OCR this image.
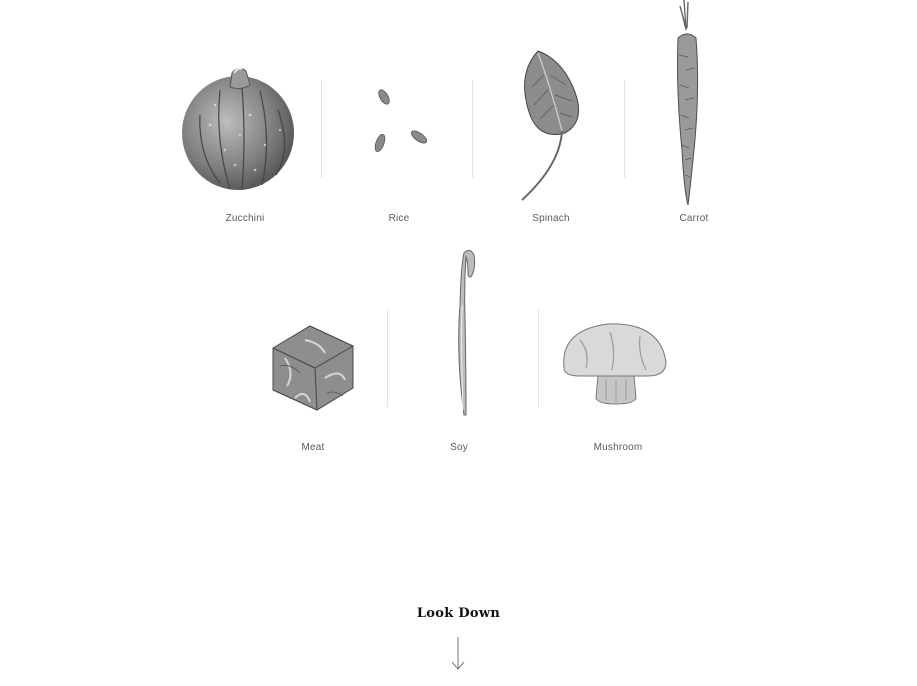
Zucchini	Rice	Spinach	Carrot
Meat	Soy	Mushroom
Look Down
